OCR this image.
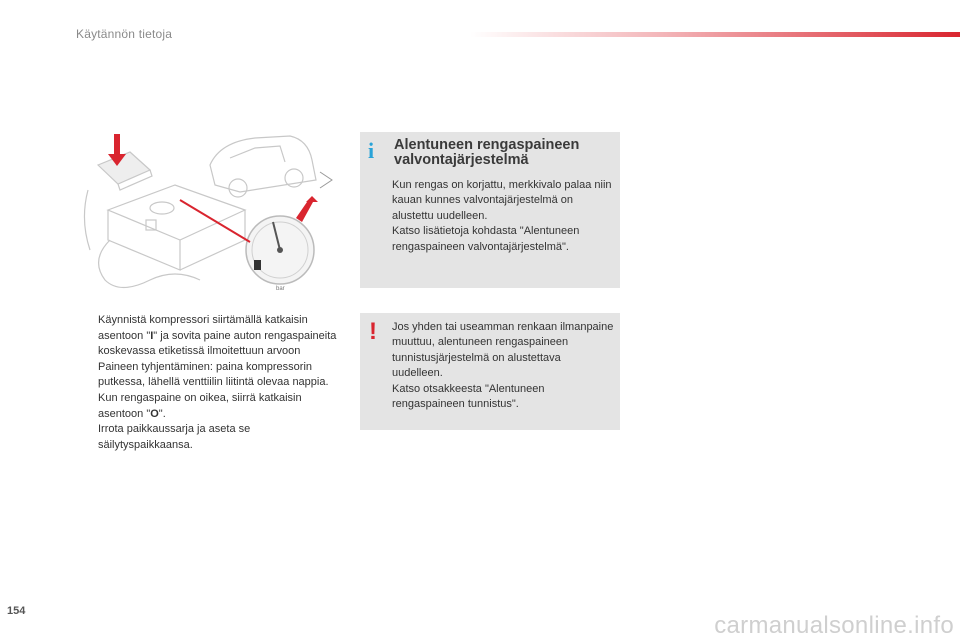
Käytännön tietoja
bar

Käynnistä kompressori siirtämällä katkaisin asentoon "I" ja sovita paine auton rengaspaineita koskevassa etiketissä ilmoitettuun arvoon

Paineen tyhjentäminen: paina kompressorin putkessa, lähellä venttiilin liitintä olevaa nappia.

Kun rengaspaine on oikea, siirrä katkaisin asentoon "O".

Irrota paikkaussarja ja aseta se säilytyspaikkaansa.

i Alentuneen rengaspaineen valvontajärjestelmä

Kun rengas on korjattu, merkkivalo palaa niin kauan kunnes valvontajärjestelmä on alustettu uudelleen.

Katso lisätietoja kohdasta "Alentuneen rengaspaineen valvontajärjestelmä".

! Jos yhden tai useamman renkaan ilmanpaine muuttuu, alentuneen rengaspaineen tunnistusjärjestelmä on alustettava uudelleen.

Katso otsakkeesta "Alentuneen rengaspaineen tunnistus".

154
carmanualsonline.info
